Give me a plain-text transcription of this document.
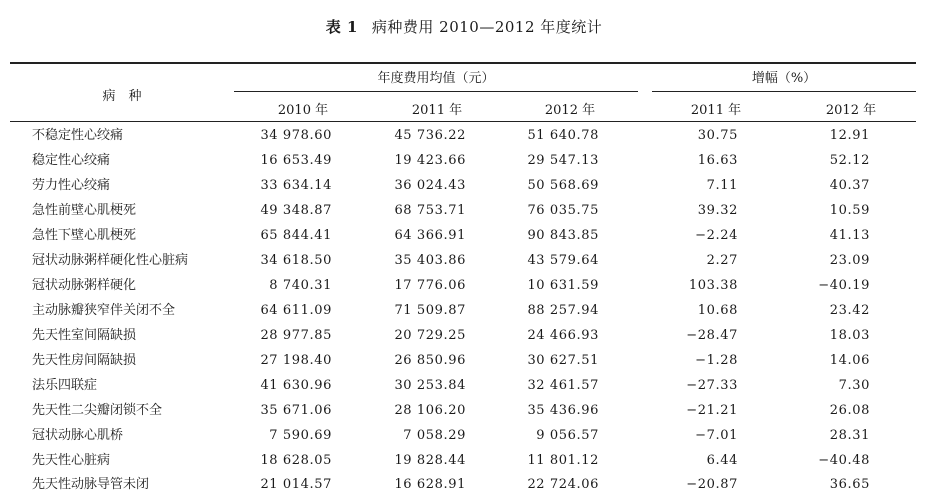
表 1 病种费用 2010—2012 年度统计
病　种
年度费用均值（元）	增幅（%）
2010 年	2011 年	2012 年	2011 年	2012 年
不稳定性心绞痛	34 978.60	45 736.22	51 640.78	30.75	12.91
稳定性心绞痛	16 653.49	19 423.66	29 547.13	16.63	52.12
劳力性心绞痛	33 634.14	36 024.43	50 568.69	7.11	40.37
急性前壁心肌梗死	49 348.87	68 753.71	76 035.75	39.32	10.59
急性下壁心肌梗死	65 844.41	64 366.91	90 843.85	−2.24	41.13
冠状动脉粥样硬化性心脏病	34 618.50	35 403.86	43 579.64	2.27	23.09
冠状动脉粥样硬化	8 740.31	17 776.06	10 631.59	103.38	−40.19
主动脉瓣狭窄伴关闭不全	64 611.09	71 509.87	88 257.94	10.68	23.42
先天性室间隔缺损	28 977.85	20 729.25	24 466.93	−28.47	18.03
先天性房间隔缺损	27 198.40	26 850.96	30 627.51	−1.28	14.06
法乐四联症	41 630.96	30 253.84	32 461.57	−27.33	7.30
先天性二尖瓣闭锁不全	35 671.06	28 106.20	35 436.96	−21.21	26.08
冠状动脉心肌桥	7 590.69	7 058.29	9 056.57	−7.01	28.31
先天性心脏病	18 628.05	19 828.44	11 801.12	6.44	−40.48
先天性动脉导管未闭	21 014.57	16 628.91	22 724.06	−20.87	36.65
